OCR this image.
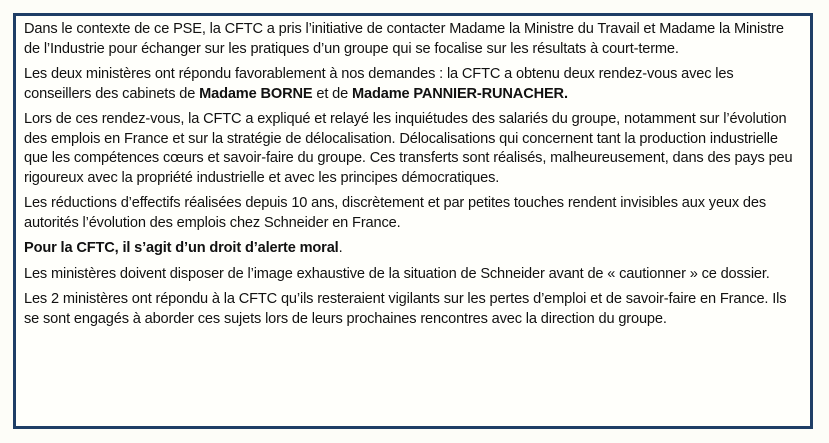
Dans le contexte de ce PSE, la CFTC a pris l’initiative de contacter Madame la Ministre du Travail et Madame la Ministre de l’Industrie pour échanger sur les pratiques d’un groupe qui se focalise sur les résultats à court-terme.

Les deux ministères ont répondu favorablement à nos demandes : la CFTC a obtenu deux rendez-vous avec les conseillers des cabinets de Madame BORNE et de Madame PANNIER-RUNACHER.

Lors de ces rendez-vous, la CFTC a expliqué et relayé les inquiétudes des salariés du groupe, notamment sur l’évolution des emplois en France et sur la stratégie de délocalisation. Délocalisations qui concernent tant la production industrielle que les compétences cœurs et savoir-faire du groupe. Ces transferts sont réalisés, malheureusement, dans des pays peu rigoureux avec la propriété industrielle et avec les principes démocratiques.

Les réductions d’effectifs réalisées depuis 10 ans, discrètement et par petites touches rendent invisibles aux yeux des autorités l’évolution des emplois chez Schneider en France.

Pour la CFTC, il s’agit d’un droit d’alerte moral.

Les ministères doivent disposer de l’image exhaustive de la situation de Schneider avant de « cautionner » ce dossier.

Les 2 ministères ont répondu à la CFTC qu’ils resteraient vigilants sur les pertes d’emploi et de savoir-faire en France. Ils se sont engagés à aborder ces sujets lors de leurs prochaines rencontres avec la direction du groupe.
